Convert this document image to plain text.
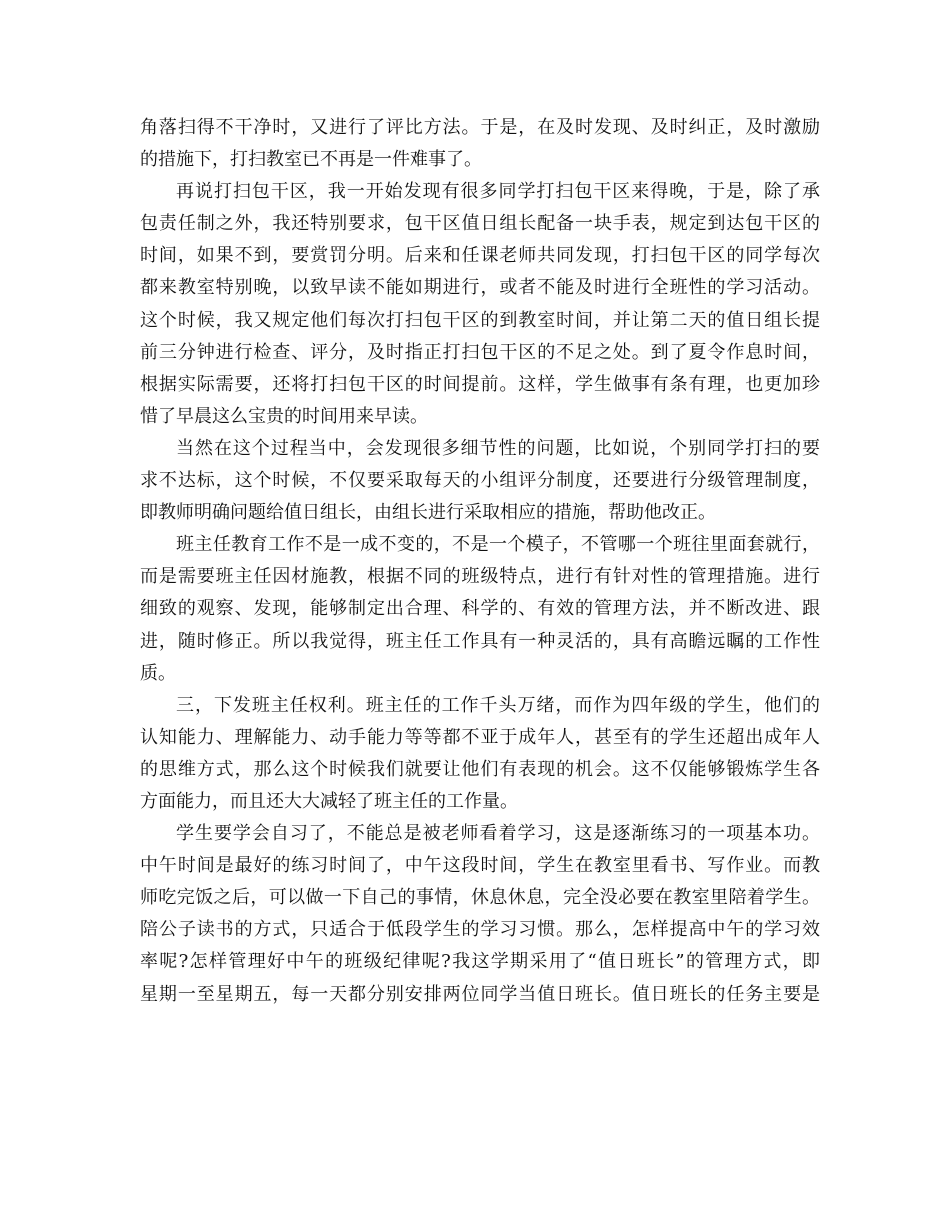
角落扫得不干净时，又进行了评比方法。于是，在及时发现、及时纠正，及时激励
的措施下，打扫教室已不再是一件难事了。
再说打扫包干区，我一开始发现有很多同学打扫包干区来得晚，于是，除了承
包责任制之外，我还特别要求，包干区值日组长配备一块手表，规定到达包干区的
时间，如果不到，要赏罚分明。后来和任课老师共同发现，打扫包干区的同学每次
都来教室特别晚，以致早读不能如期进行，或者不能及时进行全班性的学习活动。
这个时候，我又规定他们每次打扫包干区的到教室时间，并让第二天的值日组长提
前三分钟进行检查、评分，及时指正打扫包干区的不足之处。到了夏令作息时间，
根据实际需要，还将打扫包干区的时间提前。这样，学生做事有条有理，也更加珍
惜了早晨这么宝贵的时间用来早读。
当然在这个过程当中，会发现很多细节性的问题，比如说，个别同学打扫的要
求不达标，这个时候，不仅要采取每天的小组评分制度，还要进行分级管理制度，
即教师明确问题给值日组长，由组长进行采取相应的措施，帮助他改正。
班主任教育工作不是一成不变的，不是一个模子，不管哪一个班往里面套就行，
而是需要班主任因材施教，根据不同的班级特点，进行有针对性的管理措施。进行
细致的观察、发现，能够制定出合理、科学的、有效的管理方法，并不断改进、跟
进，随时修正。所以我觉得，班主任工作具有一种灵活的，具有高瞻远瞩的工作性
质。
三，下发班主任权利。班主任的工作千头万绪，而作为四年级的学生，他们的
认知能力、理解能力、动手能力等等都不亚于成年人，甚至有的学生还超出成年人
的思维方式，那么这个时候我们就要让他们有表现的机会。这不仅能够锻炼学生各
方面能力，而且还大大减轻了班主任的工作量。
学生要学会自习了，不能总是被老师看着学习，这是逐渐练习的一项基本功。
中午时间是最好的练习时间了，中午这段时间，学生在教室里看书、写作业。而教
师吃完饭之后，可以做一下自己的事情，休息休息，完全没必要在教室里陪着学生。
陪公子读书的方式，只适合于低段学生的学习习惯。那么，怎样提高中午的学习效
率呢?怎样管理好中午的班级纪律呢?我这学期采用了“值日班长”的管理方式，即
星期一至星期五，每一天都分别安排两位同学当值日班长。值日班长的任务主要是
